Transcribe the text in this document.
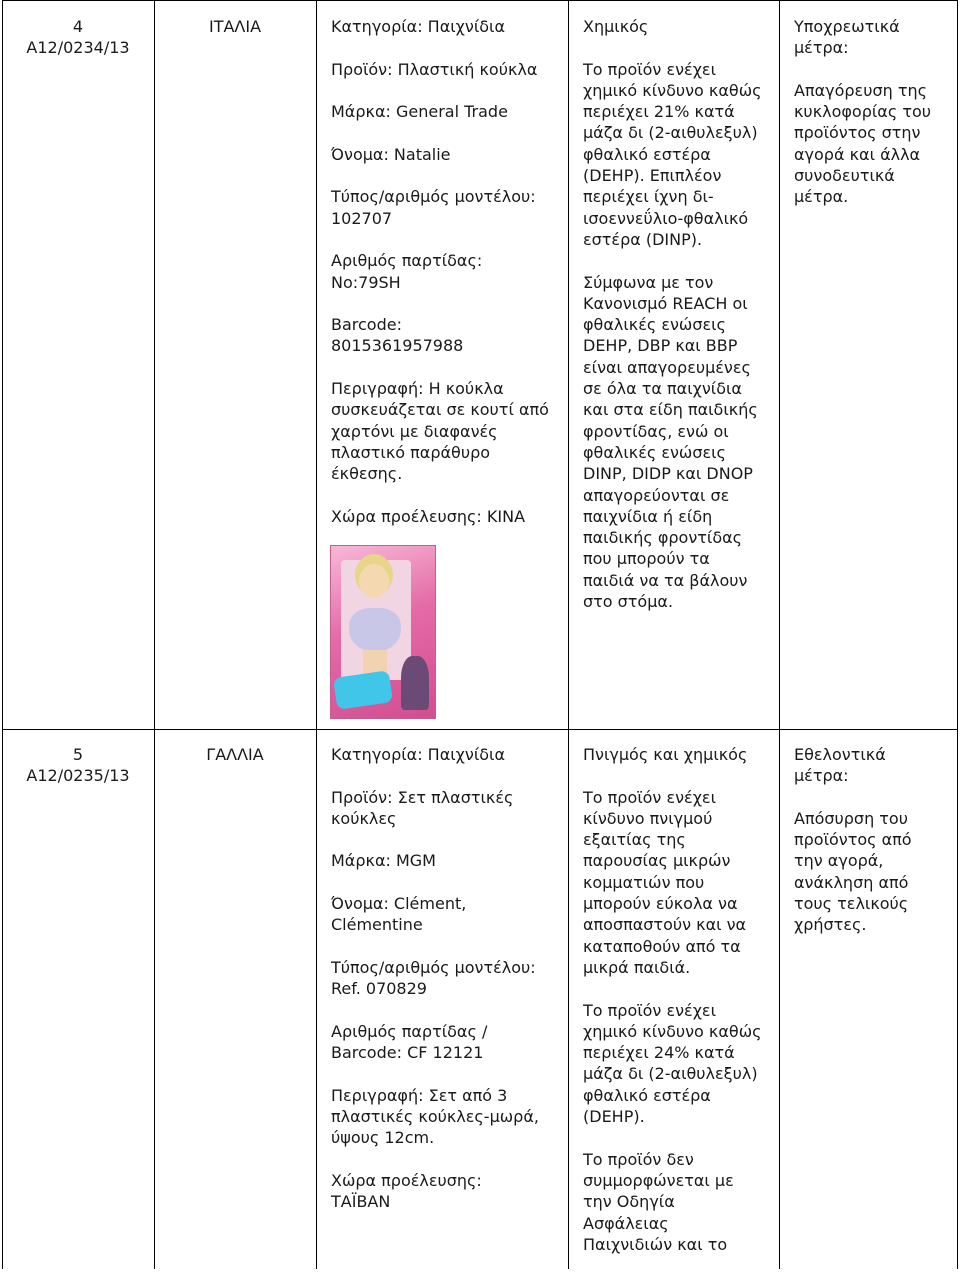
4
A12/0234/13
ΙΤΑΛΙΑ	Κατηγορία: Παιχνίδια

Προϊόν: Πλαστική κούκλα

Μάρκα: General Trade

Όνομα: Natalie

Τύπος/αριθμός μοντέλου: 102707

Αριθμός παρτίδας: No:79SH

Barcode: 8015361957988

Περιγραφή: Η κούκλα συσκευάζεται σε κουτί από χαρτόνι με διαφανές πλαστικό παράθυρο έκθεσης.

Χώρα προέλευσης: ΚΙΝΑ

Χημικός

Το προϊόν ενέχει χημικό κίνδυνο καθώς περιέχει 21% κατά μάζα δι (2-αιθυλεξυλ) φθαλικό εστέρα (DEHP). Επιπλέον περιέχει ίχνη δι-ισοεννεΰλιο-φθαλικό εστέρα (DINP).

Σύμφωνα με τον Κανονισμό REACH οι φθαλικές ενώσεις DEHP, DBP και BBP είναι απαγορευμένες σε όλα τα παιχνίδια και στα είδη παιδικής φροντίδας, ενώ οι φθαλικές ενώσεις DINP, DIDP και DNOP απαγορεύονται σε παιχνίδια ή είδη παιδικής φροντίδας που μπορούν τα παιδιά να τα βάλουν στο στόμα.

Υποχρεωτικά μέτρα:

Απαγόρευση της κυκλοφορίας του προϊόντος στην αγορά και άλλα συνοδευτικά μέτρα.

5
A12/0235/13
ΓΑΛΛΙΑ	Κατηγορία: Παιχνίδια

Προϊόν: Σετ πλαστικές κούκλες

Μάρκα: MGM

Όνομα: Clément, Clémentine

Τύπος/αριθμός μοντέλου: Ref. 070829

Αριθμός παρτίδας / Barcode: CF 12121

Περιγραφή: Σετ από 3 πλαστικές κούκλες-μωρά, ύψους 12cm.

Χώρα προέλευσης: ΤΑΪΒΑΝ

Πνιγμός και χημικός

Το προϊόν ενέχει κίνδυνο πνιγμού εξαιτίας της παρουσίας μικρών κομματιών που μπορούν εύκολα να αποσπαστούν και να καταποθούν από τα μικρά παιδιά.

Το προϊόν ενέχει χημικό κίνδυνο καθώς περιέχει 24% κατά μάζα δι (2-αιθυλεξυλ) φθαλικό εστέρα (DEHP).

Το προϊόν δεν συμμορφώνεται με την Οδηγία Ασφάλειας Παιχνιδιών και το

Εθελοντικά μέτρα:

Απόσυρση του προϊόντος από την αγορά, ανάκληση από τους τελικούς χρήστες.
